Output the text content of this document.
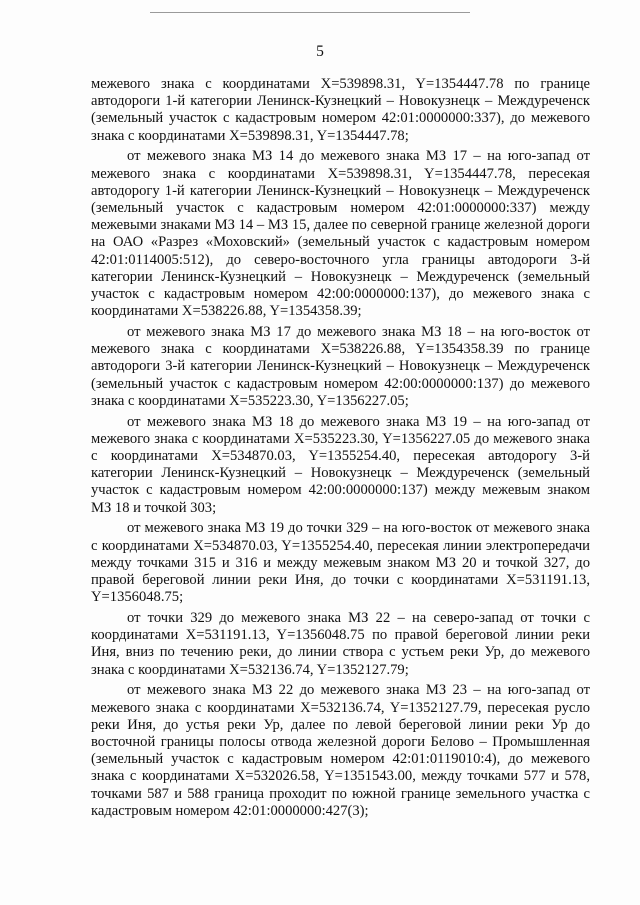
5

межевого знака с координатами X=539898.31, Y=1354447.78 по границе автодороги 1-й категории Ленинск-Кузнецкий – Новокузнецк – Междуреченск (земельный участок с кадастровым номером 42:01:0000000:337), до межевого знака с координатами X=539898.31, Y=1354447.78;

от межевого знака МЗ 14 до межевого знака МЗ 17 – на юго-запад от межевого знака с координатами X=539898.31, Y=1354447.78, пересекая автодорогу 1-й категории Ленинск-Кузнецкий – Новокузнецк – Междуреченск (земельный участок с кадастровым номером 42:01:0000000:337) между межевыми знаками МЗ 14 – МЗ 15, далее по северной границе железной дороги на ОАО «Разрез «Моховский» (земельный участок с кадастровым номером 42:01:0114005:512), до северо-восточного угла границы автодороги 3-й категории Ленинск-Кузнецкий – Новокузнецк – Междуреченск (земельный участок с кадастровым номером 42:00:0000000:137), до межевого знака с координатами X=538226.88, Y=1354358.39;

от межевого знака МЗ 17 до межевого знака МЗ 18 – на юго-восток от межевого знака с координатами X=538226.88, Y=1354358.39 по границе автодороги 3-й категории Ленинск-Кузнецкий – Новокузнецк – Междуреченск (земельный участок с кадастровым номером 42:00:0000000:137) до межевого знака с координатами X=535223.30, Y=1356227.05;

от межевого знака МЗ 18 до межевого знака МЗ 19 – на юго-запад от межевого знака с координатами X=535223.30, Y=1356227.05 до межевого знака с координатами X=534870.03, Y=1355254.40, пересекая автодорогу 3-й категории Ленинск-Кузнецкий – Новокузнецк – Междуреченск (земельный участок с кадастровым номером 42:00:0000000:137) между межевым знаком МЗ 18 и точкой 303;

от межевого знака МЗ 19 до точки 329 – на юго-восток от межевого знака с координатами X=534870.03, Y=1355254.40, пересекая линии электропередачи между точками 315 и 316 и между межевым знаком МЗ 20 и точкой 327, до правой береговой линии реки Иня, до точки с координатами X=531191.13, Y=1356048.75;

от точки 329 до межевого знака МЗ 22 – на северо-запад от точки с координатами X=531191.13, Y=1356048.75 по правой береговой линии реки Иня, вниз по течению реки, до линии створа с устьем реки Ур, до межевого знака с координатами X=532136.74, Y=1352127.79;

от межевого знака МЗ 22 до межевого знака МЗ 23 – на юго-запад от межевого знака с координатами X=532136.74, Y=1352127.79, пересекая русло реки Иня, до устья реки Ур, далее по левой береговой линии реки Ур до восточной границы полосы отвода железной дороги Белово – Промышленная (земельный участок с кадастровым номером 42:01:0119010:4), до межевого знака с координатами X=532026.58, Y=1351543.00, между точками 577 и 578, точками 587 и 588 граница проходит по южной границе земельного участка с кадастровым номером 42:01:0000000:427(3);
